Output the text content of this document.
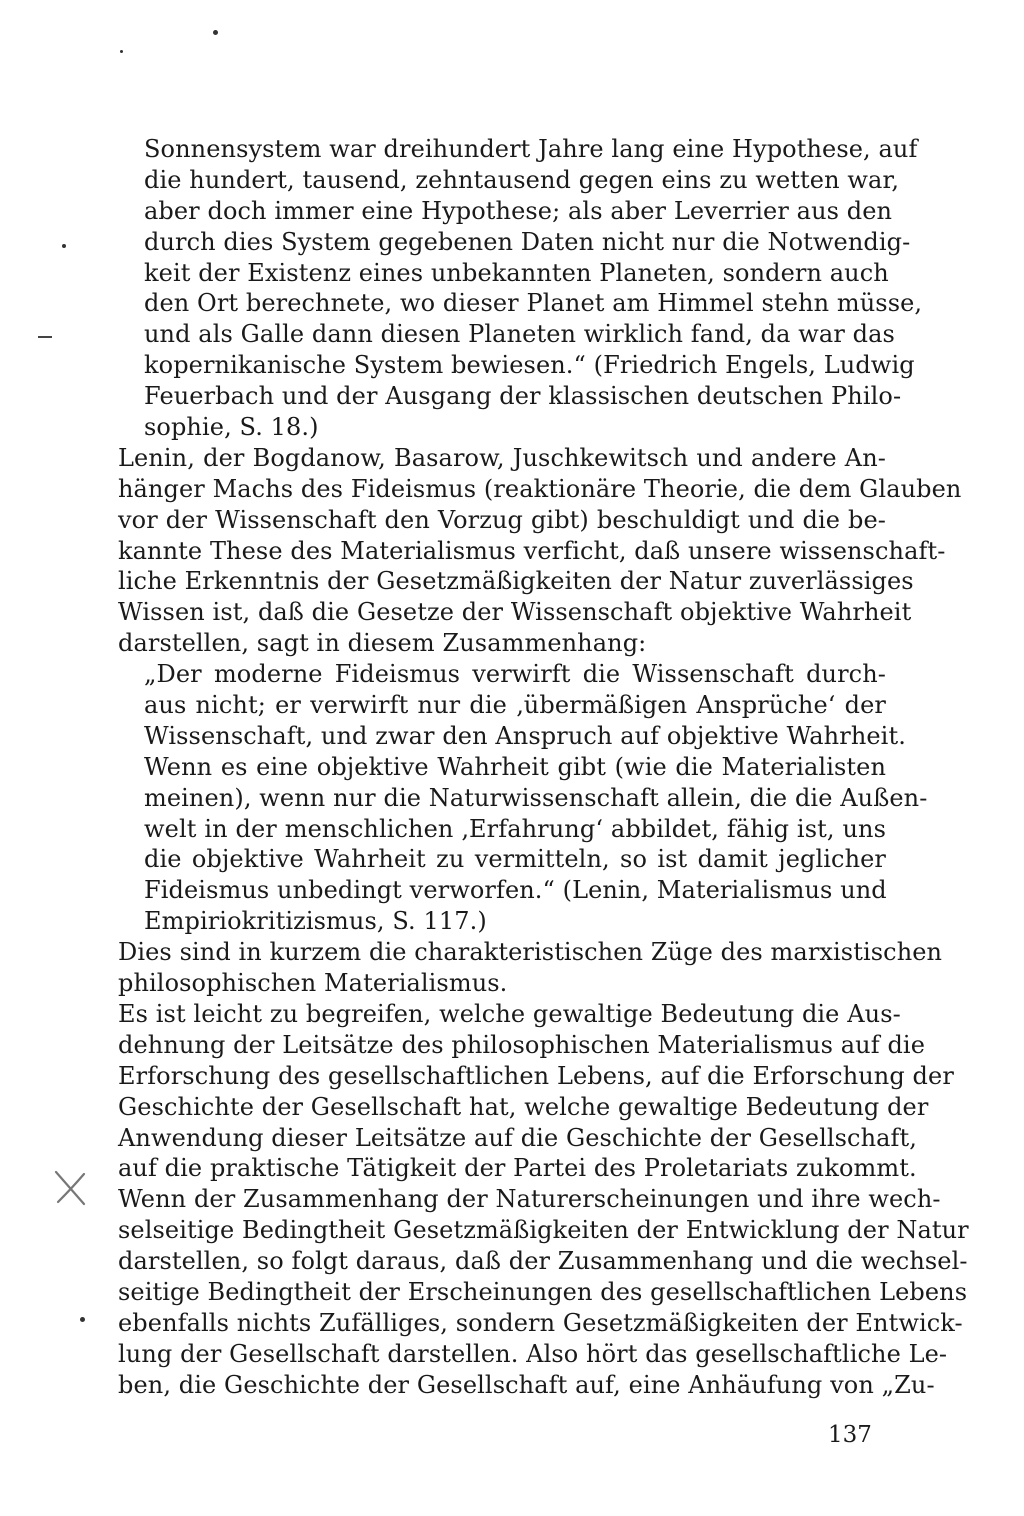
Sonnensystem war dreihundert Jahre lang eine Hypothese, auf
die hundert, tausend, zehntausend gegen eins zu wetten war,
aber doch immer eine Hypothese; als aber Leverrier aus den
durch dies System gegebenen Daten nicht nur die Notwendig-
keit der Existenz eines unbekannten Planeten, sondern auch
den Ort berechnete, wo dieser Planet am Himmel stehn müsse,
und als Galle dann diesen Planeten wirklich fand, da war das
kopernikanische System bewiesen.“ (Friedrich Engels, Ludwig
Feuerbach und der Ausgang der klassischen deutschen Philo-
sophie, S. 18.)
Lenin, der Bogdanow, Basarow, Juschkewitsch und andere An-
hänger Machs des Fideismus (reaktionäre Theorie, die dem Glauben
vor der Wissenschaft den Vorzug gibt) beschuldigt und die be-
kannte These des Materialismus verficht, daß unsere wissenschaft-
liche Erkenntnis der Gesetzmäßigkeiten der Natur zuverlässiges
Wissen ist, daß die Gesetze der Wissenschaft objektive Wahrheit
darstellen, sagt in diesem Zusammenhang:
„Der moderne Fideismus verwirft die Wissenschaft durch-
aus nicht; er verwirft nur die ‚übermäßigen Ansprüche‘ der
Wissenschaft, und zwar den Anspruch auf objektive Wahrheit.
Wenn es eine objektive Wahrheit gibt (wie die Materialisten
meinen), wenn nur die Naturwissenschaft allein, die die Außen-
welt in der menschlichen ‚Erfahrung‘ abbildet, fähig ist, uns
die objektive Wahrheit zu vermitteln, so ist damit jeglicher
Fideismus unbedingt verworfen.“ (Lenin, Materialismus und
Empiriokritizismus, S. 117.)
Dies sind in kurzem die charakteristischen Züge des marxistischen
philosophischen Materialismus.
Es ist leicht zu begreifen, welche gewaltige Bedeutung die Aus-
dehnung der Leitsätze des philosophischen Materialismus auf die
Erforschung des gesellschaftlichen Lebens, auf die Erforschung der
Geschichte der Gesellschaft hat, welche gewaltige Bedeutung der
Anwendung dieser Leitsätze auf die Geschichte der Gesellschaft,
auf die praktische Tätigkeit der Partei des Proletariats zukommt.
Wenn der Zusammenhang der Naturerscheinungen und ihre wech-
selseitige Bedingtheit Gesetzmäßigkeiten der Entwicklung der Natur
darstellen, so folgt daraus, daß der Zusammenhang und die wechsel-
seitige Bedingtheit der Erscheinungen des gesellschaftlichen Lebens
ebenfalls nichts Zufälliges, sondern Gesetzmäßigkeiten der Entwick-
lung der Gesellschaft darstellen. Also hört das gesellschaftliche Le-
ben, die Geschichte der Gesellschaft auf, eine Anhäufung von „Zu-
137
